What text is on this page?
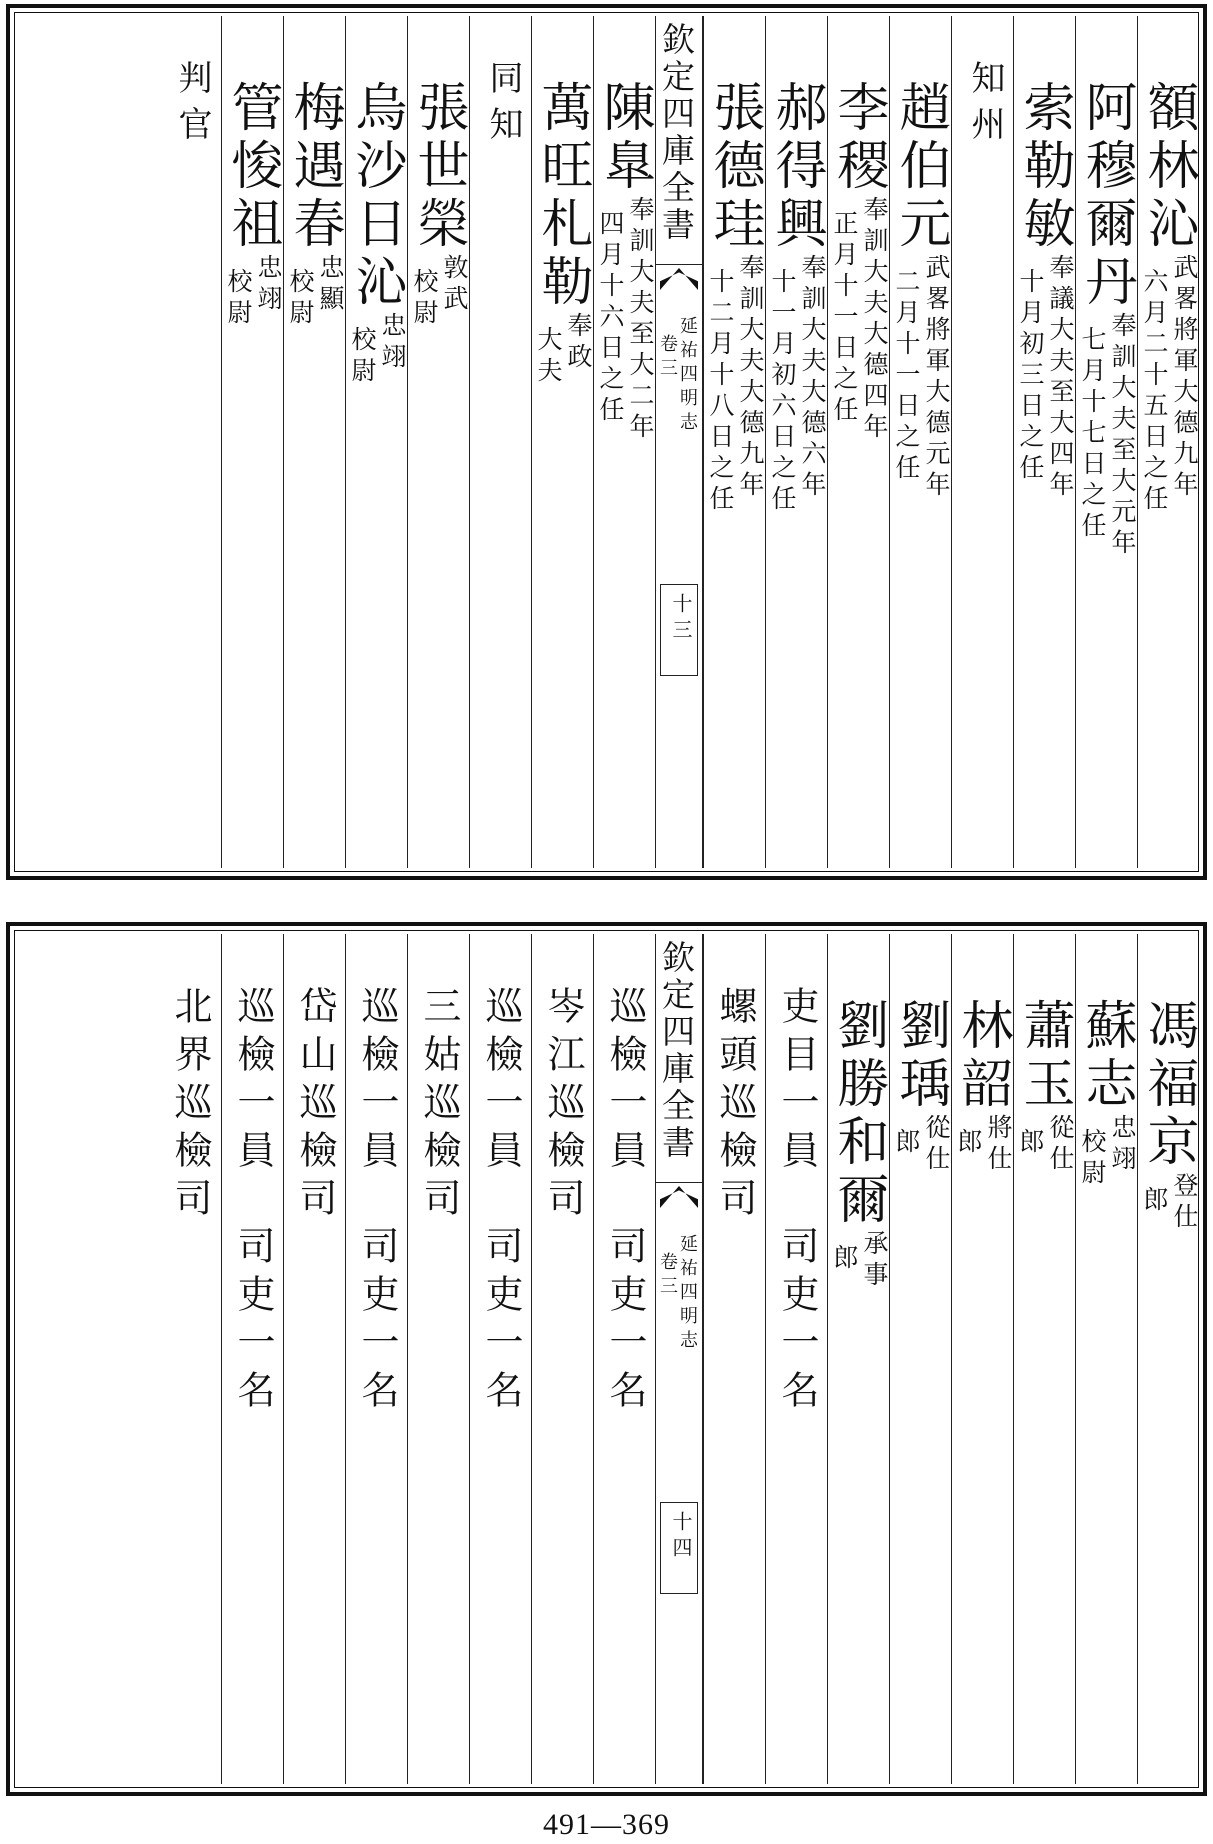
額林沁
武畧將軍大德九年
六月二十五日之任
阿穆爾丹
奉訓大夫至大元年
七月十七日之任
索勒敏
奉議大夫至大四年
十月初三日之任
知州
趙伯元
武畧將軍大德元年
二月十一日之任
李稷
奉訓大夫大德四年
正月十一日之任
郝得興
奉訓大夫大德六年
十一月初六日之任
張德珪
奉訓大夫大德九年
十二月十八日之任
欽定四庫全書
延祐四明志
卷三
十三
陳臯
奉訓大夫至大二年
四月十六日之任
萬旺札勒
奉政
大夫
同知
張世榮
敦武
校尉
烏沙日沁
忠翊
校尉
梅遇春
忠顯
校尉
管悛祖
忠翊
校尉
判官
馮福京
登仕
郎
蘇志
忠翊
校尉
蕭玉
從仕
郎
林韶
將仕
郎
劉瑀
從仕
郎
劉勝和爾
承事
郎
吏目一員　司吏一名
螺頭巡檢司
欽定四庫全書
延祐四明志
卷三
十四
巡檢一員　司吏一名
岑江巡檢司
巡檢一員　司吏一名
三姑巡檢司
巡檢一員　司吏一名
岱山巡檢司
巡檢一員　司吏一名
北界巡檢司
491—369
